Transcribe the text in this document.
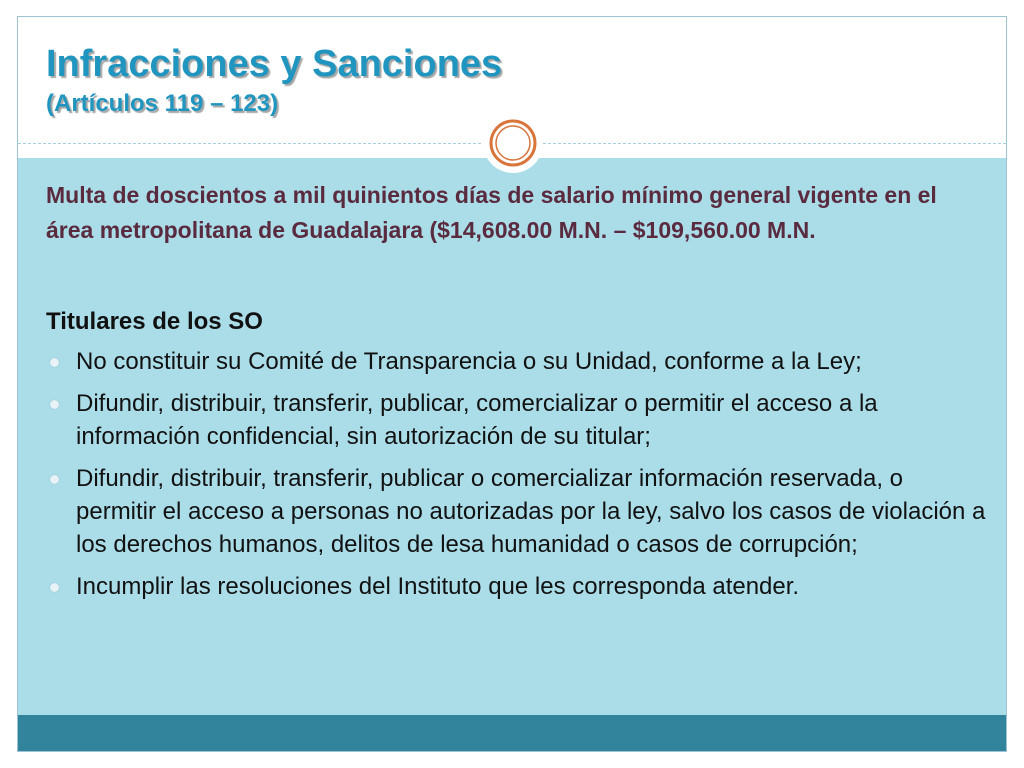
Infracciones y Sanciones
(Artículos 119 – 123)

Multa de doscientos a mil quinientos días de salario mínimo general vigente en el área metropolitana de Guadalajara ($14,608.00 M.N. – $109,560.00 M.N.

Titulares de los SO
No constituir su Comité de Transparencia o su Unidad, conforme a la Ley;
Difundir, distribuir, transferir, publicar, comercializar o permitir el acceso a la información confidencial, sin autorización de su titular;
Difundir, distribuir, transferir, publicar o comercializar información reservada, o permitir el acceso a personas no autorizadas por la ley, salvo los casos de violación a los derechos humanos, delitos de lesa humanidad o casos de corrupción;
Incumplir las resoluciones del Instituto que les corresponda atender.
